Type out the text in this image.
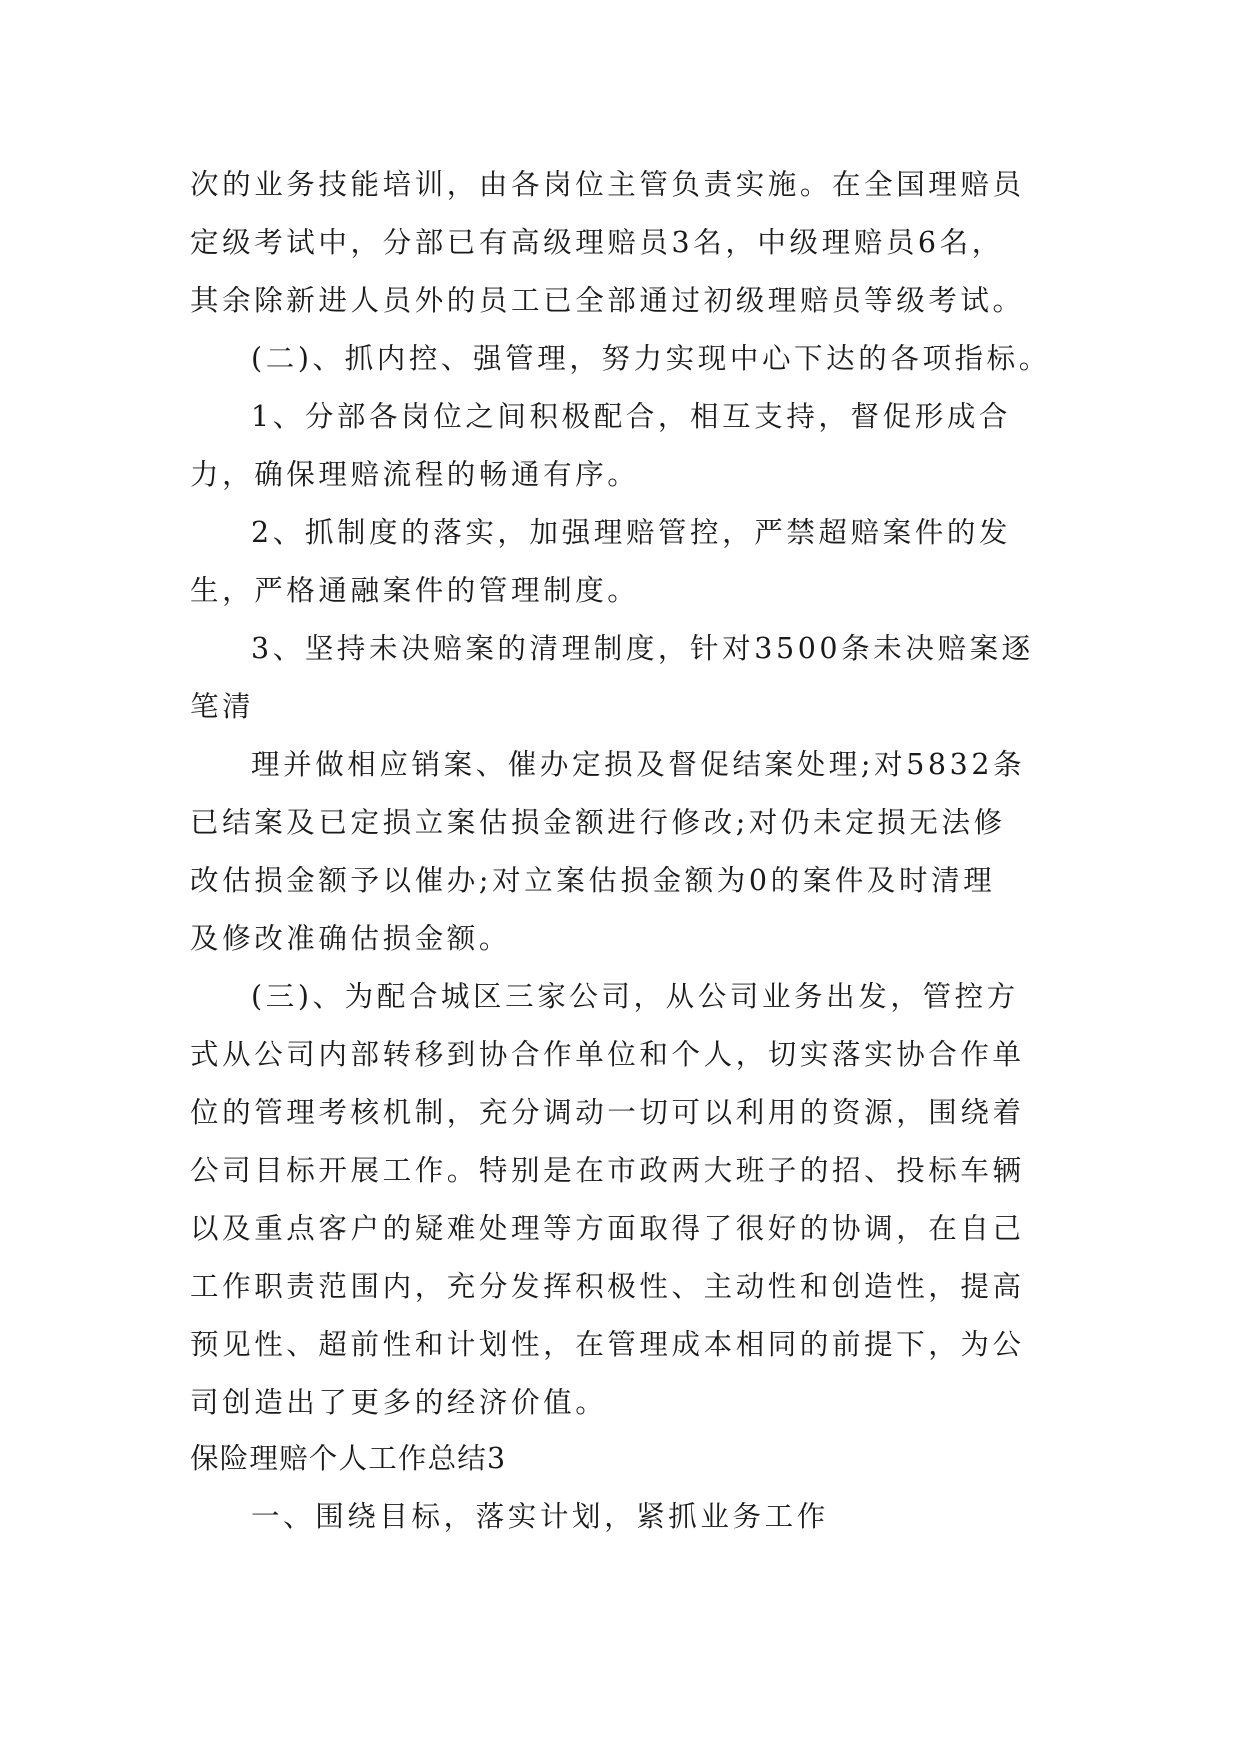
次的业务技能培训，由各岗位主管负责实施。在全国理赔员
定级考试中，分部已有高级理赔员3名，中级理赔员6名，
其余除新进人员外的员工已全部通过初级理赔员等级考试。
(二)、抓内控、强管理，努力实现中心下达的各项指标。
1、分部各岗位之间积极配合，相互支持，督促形成合
力，确保理赔流程的畅通有序。
2、抓制度的落实，加强理赔管控，严禁超赔案件的发
生，严格通融案件的管理制度。
3、坚持未决赔案的清理制度，针对3500条未决赔案逐
笔清
理并做相应销案、催办定损及督促结案处理;对5832条
已结案及已定损立案估损金额进行修改;对仍未定损无法修
改估损金额予以催办;对立案估损金额为0的案件及时清理
及修改准确估损金额。
(三)、为配合城区三家公司，从公司业务出发，管控方
式从公司内部转移到协合作单位和个人，切实落实协合作单
位的管理考核机制，充分调动一切可以利用的资源，围绕着
公司目标开展工作。特别是在市政两大班子的招、投标车辆
以及重点客户的疑难处理等方面取得了很好的协调，在自己
工作职责范围内，充分发挥积极性、主动性和创造性，提高
预见性、超前性和计划性，在管理成本相同的前提下，为公
司创造出了更多的经济价值。
保险理赔个人工作总结3
一、围绕目标，落实计划，紧抓业务工作
